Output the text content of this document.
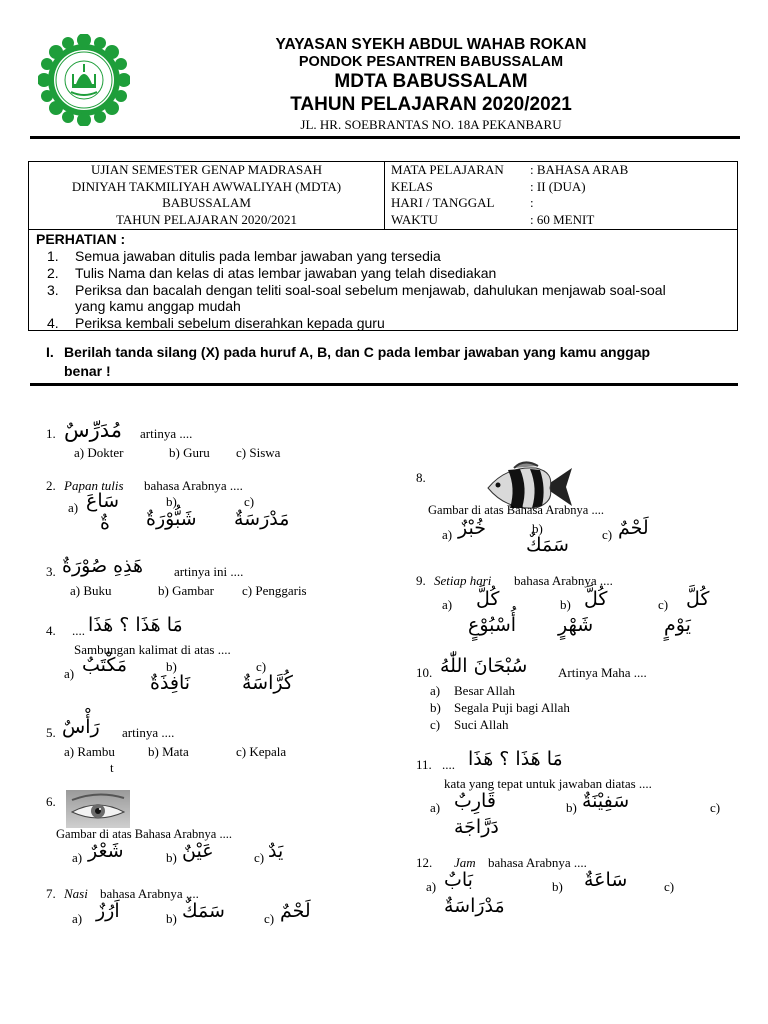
YAYASAN SYEKH ABDUL WAHAB ROKAN
PONDOK PESANTREN BABUSSALAM
MDTA BABUSSALAM
TAHUN PELAJARAN 2020/2021
JL. HR. SOEBRANTAS NO. 18A PEKANBARU
UJIAN SEMESTER GENAP MADRASAH
DINIYAH TAKMILIYAH AWWALIYAH (MDTA)
BABUSSALAM
TAHUN PELAJARAN 2020/2021
MATA PELAJARAN : BAHASA ARAB
KELAS	: II (DUA)
HARI / TANGGAL	:
WAKTU	: 60 MENIT
PERHATIAN :
1. Semua jawaban ditulis pada lembar jawaban yang tersedia
2. Tulis Nama dan kelas di atas lembar jawaban yang telah disediakan
3. Periksa dan bacalah dengan teliti soal-soal sebelum menjawab, dahulukan menjawab soal-soal
yang kamu anggap mudah
4. Periksa kembali sebelum diserahkan kepada guru
I. Berilah tanda silang (X) pada huruf A, B, dan C pada lembar jawaban yang kamu anggap
benar !
1. مُدَرِّسٌ artinya ....
a) Dokter	b) Guru c) Siswa
2. Papan tulis bahasa Arabnya ....
a) سَاعَ
ةٌ
b)
شَبُّوْرَةٌ
c)
مَدْرَسَةٌ
3. هَذِهِ صُوْرَةٌ artinya ini ....
a) Buku	b) Gambar c) Penggaris
4. .... مَا هَذَا ؟ هَذَا
Sambungan kalimat di atas ....
a) مَكْتَبٌ	b)
نَافِذَةٌ
c)
كُرَّاسَةٌ
5. رَأْسٌ artinya ....
a) Rambu
t
b) Mata	c) Kepala
6.
Gambar di atas Bahasa Arabnya ....
a) شَعْرٌ	b) عَيْنٌ	c) يَدٌ
7. Nasi bahasa Arabnya ....
a) اَرُزٌ	b) سَمَكٌ	c) لَحْمٌ
8.
Gambar di atas Bahasa Arabnya ....
a) خُبْزٌ	b)
سَمَكٌ	c) لَحْمٌ
9. Setiap hari bahasa Arabnya ....
a) كُلَّ
أُسْبُوْعٍ
b) كُلَّ
شَهْرٍ
c) كُلَّ
يَوْمٍ
10. سُبْحَانَ اللّٰهُ Artinya Maha ....
a) Besar Allah
b) Segala Puji bagi Allah
c) Suci Allah
11. .... مَا هَذَا ؟ هَذَا
kata yang tepat untuk jawaban diatas ....
a) قَارِبٌ	b) سَفِيْنَةٌ	c)
دَرَّاجَة
12. Jam bahasa Arabnya ....
a) بَابٌ	b) سَاعَةٌ	c)
مَدْرَاسَةٌ
